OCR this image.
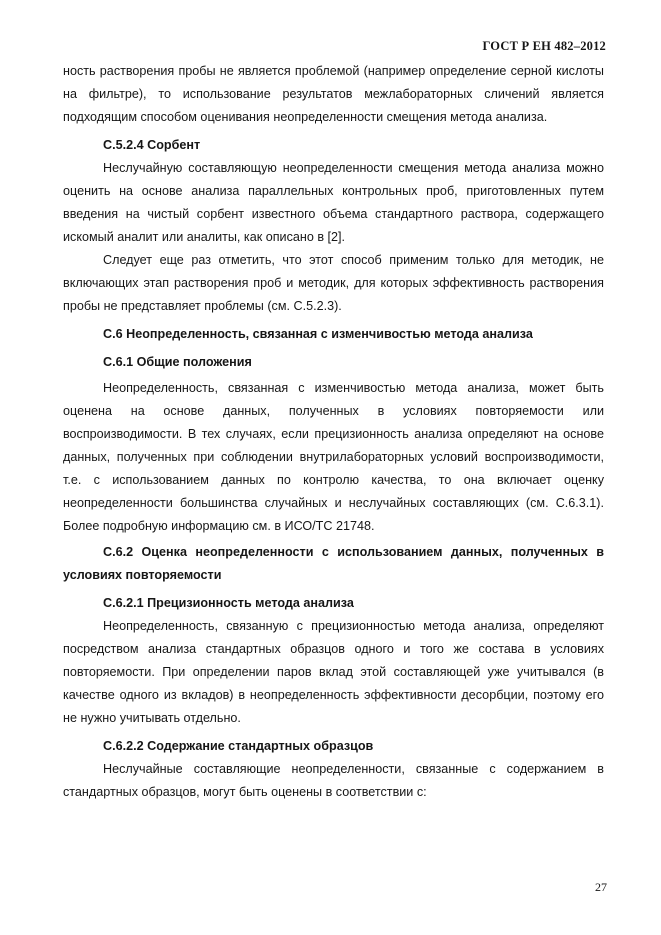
ГОСТ Р ЕН 482–2012

ность растворения пробы не является проблемой (например определение серной кислоты на фильтре), то использование результатов межлабораторных сличений является подходящим способом оценивания неопределенности смещения метода анализа.

С.5.2.4 Сорбент

Неслучайную составляющую неопределенности смещения метода анализа можно оценить на основе анализа параллельных контрольных проб, приготовленных путем введения на чистый сорбент известного объема стандартного раствора, содержащего искомый аналит или аналиты, как описано в [2].

Следует еще раз отметить, что этот способ применим только для методик, не включающих этап растворения проб и методик, для которых эффективность растворения пробы не представляет проблемы (см. С.5.2.3).

С.6 Неопределенность, связанная с изменчивостью метода анализа
С.6.1 Общие положения

Неопределенность, связанная с изменчивостью метода анализа, может быть оценена на основе данных, полученных в условиях повторяемости или воспроизводимости. В тех случаях, если прецизионность анализа определяют на основе данных, полученных при соблюдении внутрилабораторных условий воспроизводимости, т.е. с использованием данных по контролю качества, то она включает оценку неопределенности большинства случайных и неслучайных составляющих (см. С.6.3.1). Более подробную информацию см. в ИСО/ТС 21748.

С.6.2 Оценка неопределенности с использованием данных, полученных в условиях повторяемости
С.6.2.1 Прецизионность метода анализа

Неопределенность, связанную с прецизионностью метода анализа, определяют посредством анализа стандартных образцов одного и того же состава в условиях повторяемости. При определении паров вклад этой составляющей уже учитывался (в качестве одного из вкладов) в неопределенность эффективности десорбции, поэтому его не нужно учитывать отдельно.

С.6.2.2 Содержание стандартных образцов

Неслучайные составляющие неопределенности, связанные с содержанием в стандартных образцов, могут быть оценены в соответствии с:

27
